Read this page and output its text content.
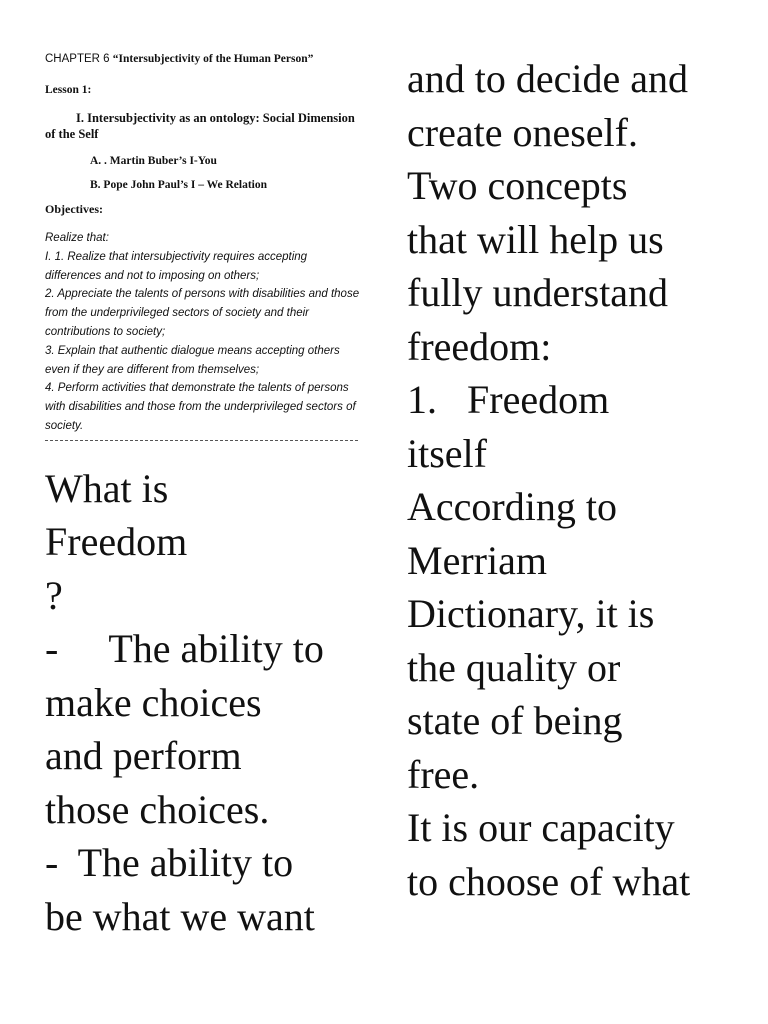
CHAPTER 6 “Intersubjectivity of the Human Person”

Lesson 1:
I. Intersubjectivity as an ontology: Social Dimension of the Self
A. . Martin Buber’s I-You
B. Pope John Paul’s I – We Relation
Objectives:
Realize that:
I. 1. Realize that intersubjectivity requires accepting differences and not to imposing on others;
2. Appreciate the talents of persons with disabilities and those from the underprivileged sectors of society and their contributions to society;
3. Explain that authentic dialogue means accepting others even if they are different from themselves;
4. Perform activities that demonstrate the talents of persons with disabilities and those from the underprivileged sectors of society.
What is
Freedom
?
-     The ability to
make choices
and perform
those choices.
-  The ability to
be what we want
and to decide and
create oneself.
Two concepts
that will help us
fully understand
freedom:
1.   Freedom
itself
According to
Merriam
Dictionary, it is
the quality or
state of being
free.
It is our capacity
to choose of what
